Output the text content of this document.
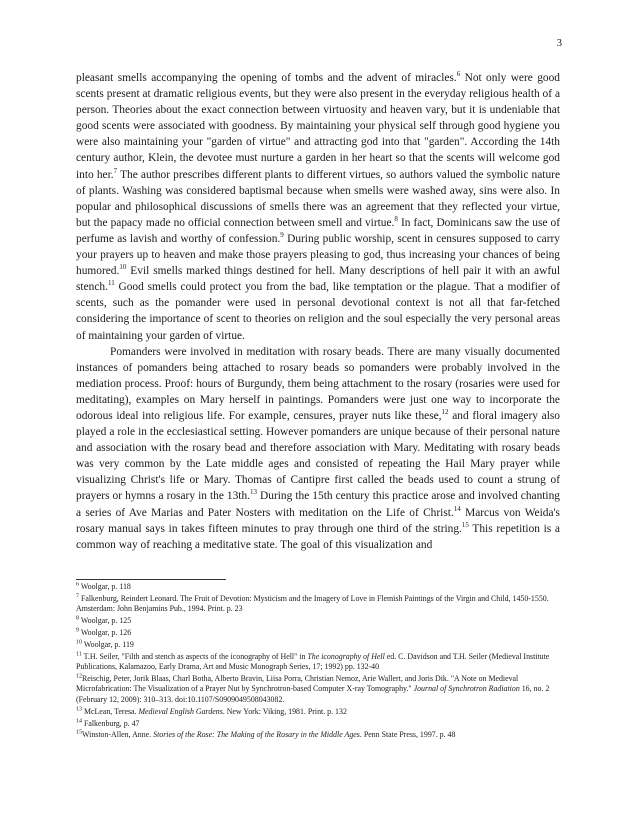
3

pleasant smells accompanying the opening of tombs and the advent of miracles.$^6$ Not only were good scents present at dramatic religious events, but they were also present in the everyday religious health of a person. Theories about the exact connection between virtuosity and heaven vary, but it is undeniable that good scents were associated with goodness. By maintaining your physical self through good hygiene you were also maintaining your "garden of virtue" and attracting god into that "garden". According the 14th century author, Klein, the devotee must nurture a garden in her heart so that the scents will welcome god into her.$^7$ The author prescribes different plants to different virtues, so authors valued the symbolic nature of plants. Washing was considered baptismal because when smells were washed away, sins were also. In popular and philosophical discussions of smells there was an agreement that they reflected your virtue, but the papacy made no official connection between smell and virtue.$^8$ In fact, Dominicans saw the use of perfume as lavish and worthy of confession.$^9$ During public worship, scent in censures supposed to carry your prayers up to heaven and make those prayers pleasing to god, thus increasing your chances of being humored.$^{10}$ Evil smells marked things destined for hell. Many descriptions of hell pair it with an awful stench.$^{11}$ Good smells could protect you from the bad, like temptation or the plague. That a modifier of scents, such as the pomander were used in personal devotional context is not all that far-fetched considering the importance of scent to theories on religion and the soul especially the very personal areas of maintaining your garden of virtue.

Pomanders were involved in meditation with rosary beads. There are many visually documented instances of pomanders being attached to rosary beads so pomanders were probably involved in the mediation process. Proof: hours of Burgundy, them being attachment to the rosary (rosaries were used for meditating), examples on Mary herself in paintings. Pomanders were just one way to incorporate the odorous ideal into religious life. For example, censures, prayer nuts like these,$^{12}$ and floral imagery also played a role in the ecclesiastical setting. However pomanders are unique because of their personal nature and association with the rosary bead and therefore association with Mary. Meditating with rosary beads was very common by the Late middle ages and consisted of repeating the Hail Mary prayer while visualizing Christ's life or Mary. Thomas of Cantipre first called the beads used to count a strung of prayers or hymns a rosary in the 13th.$^{13}$ During the 15th century this practice arose and involved chanting a series of Ave Marias and Pater Nosters with meditation on the Life of Christ.$^{14}$ Marcus von Weida's rosary manual says in takes fifteen minutes to pray through one third of the string.$^{15}$ This repetition is a common way of reaching a meditative state. The goal of this visualization and

$^6$ Woolgar, p. 118

$^7$ Falkenburg, Reindert Leonard. The Fruit of Devotion: Mysticism and the Imagery of Love in Flemish Paintings of the Virgin and Child, 1450-1550. Amsterdam: John Benjamins Pub., 1994. Print. p. 23

$^8$ Woolgar, p. 125

$^9$ Woolgar, p. 126

$^{10}$ Woolgar, p. 119

$^{11}$ T.H. Seiler, "Filth and stench as aspects of the iconography of Hell" in The iconography of Hell ed. C. Davidson and T.H. Seiler (Medieval Institute Publications, Kalamazoo, Early Drama, Art and Music Monograph Series, 17; 1992) pp. 132-40

$^{12}$Reischig, Peter, Jorik Blaas, Charl Botha, Alberto Bravin, Liisa Porra, Christian Nemoz, Arie Wallert, and Joris Dik. "A Note on Medieval Microfabrication: The Visualization of a Prayer Nut by Synchrotron-based Computer X-ray Tomography." Journal of Synchrotron Radiation 16, no. 2 (February 12, 2009): 310–313. doi:10.1107/S0909049508043082.

$^{13}$ McLean, Teresa. Medieval English Gardens. New York: Viking, 1981. Print. p. 132

$^{14}$ Falkenburg, p. 47

$^{15}$Winston-Allen, Anne. Stories of the Rose: The Making of the Rosary in the Middle Ages. Penn State Press, 1997. p. 48
